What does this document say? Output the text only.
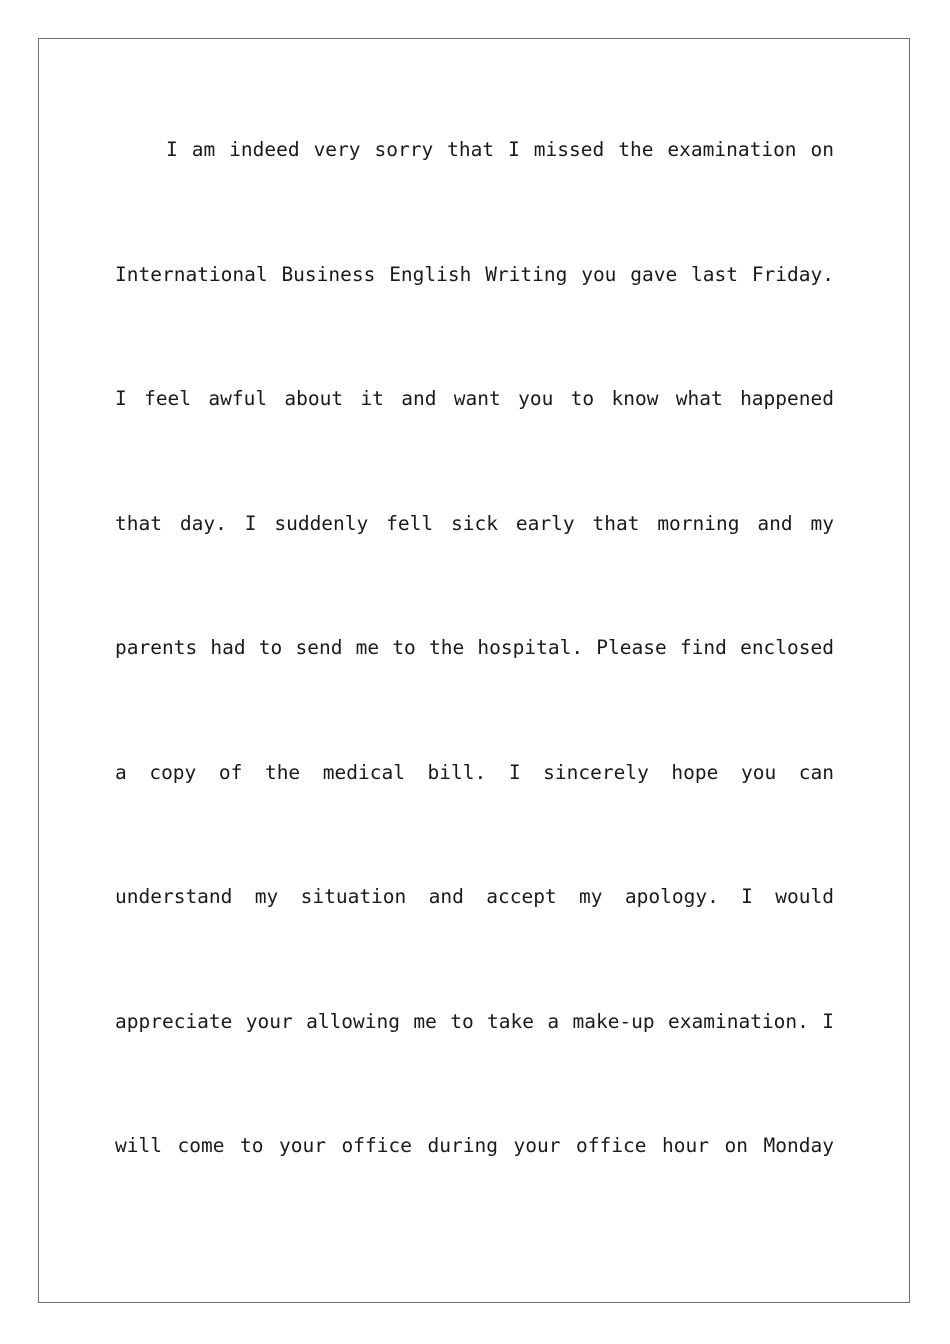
I am indeed very sorry that I missed the examination on
International Business English Writing you gave last Friday.
I feel awful about it and want you to know what happened
that day. I suddenly fell sick early that morning and my
parents had to send me to the hospital. Please find enclosed
a copy of the medical bill. I sincerely hope you can
understand my situation and accept my apology. I would
appreciate your allowing me to take a make-up examination. I
will come to your office during your office hour on Monday
